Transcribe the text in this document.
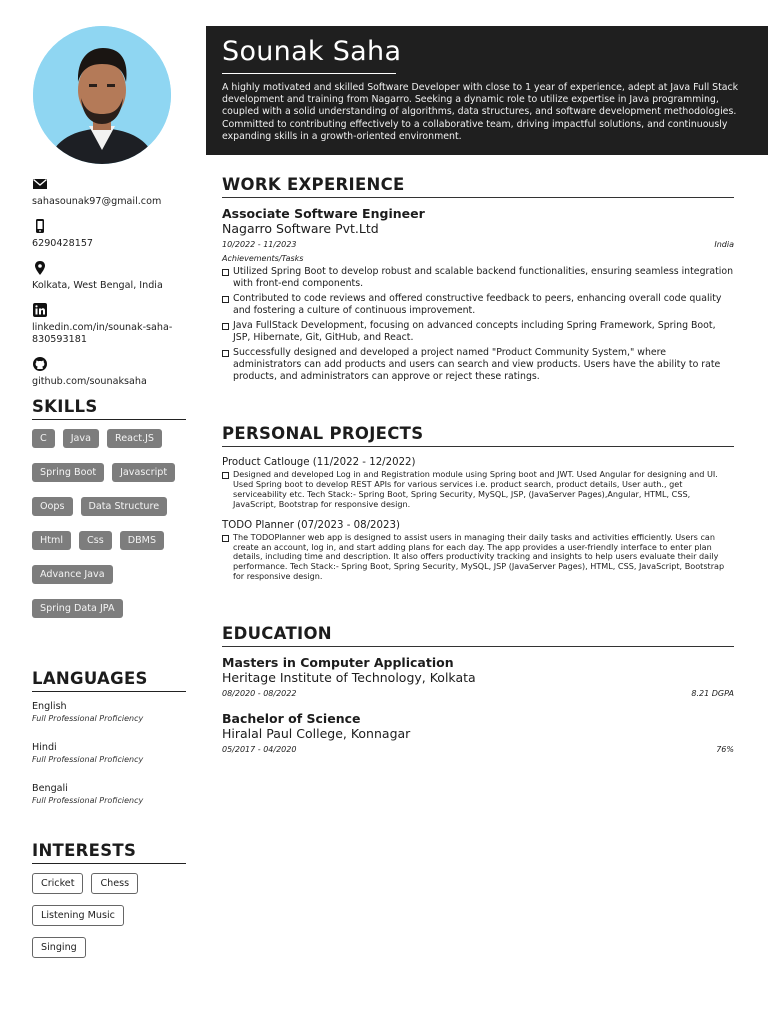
sahasounak97@gmail.com
6290428157
Kolkata, West Bengal, India
linkedin.com/in/sounak-saha-830593181
github.com/sounaksaha
SKILLS
C	Java	React.JS
Spring Boot	Javascript
Oops	Data Structure
Html	Css	DBMS
Advance Java
Spring Data JPA
LANGUAGES
English
Full Professional Proficiency
Hindi
Full Professional Proficiency
Bengali
Full Professional Proficiency
INTERESTS
Cricket	Chess
Listening Music
Singing
Sounak Saha
A highly motivated and skilled Software Developer with close to 1 year of experience, adept at Java Full Stack development and training from Nagarro. Seeking a dynamic role to utilize expertise in Java programming, coupled with a solid understanding of algorithms, data structures, and software development methodologies. Committed to contributing effectively to a collaborative team, driving impactful solutions, and continuously expanding skills in a growth-oriented environment.
WORK EXPERIENCE
Associate Software Engineer
Nagarro Software Pvt.Ltd
10/2022 - 11/2023	India
Achievements/Tasks
Utilized Spring Boot to develop robust and scalable backend functionalities, ensuring seamless integration with front-end components.
Contributed to code reviews and offered constructive feedback to peers, enhancing overall code quality and fostering a culture of continuous improvement.
Java FullStack Development, focusing on advanced concepts including Spring Framework, Spring Boot, JSP, Hibernate, Git, GitHub, and React.
Successfully designed and developed a project named "Product Community System," where administrators can add products and users can search and view products. Users have the ability to rate products, and administrators can approve or reject these ratings.
PERSONAL PROJECTS
Product Catlouge (11/2022 - 12/2022)
Designed and developed Log in and Registration module using Spring boot and JWT. Used Angular for designing and UI. Used Spring boot to develop REST APIs for various services i.e. product search, product details, User auth., get serviceability etc. Tech Stack:- Spring Boot, Spring Security, MySQL, JSP, (JavaServer Pages),Angular, HTML, CSS, JavaScript, Bootstrap for responsive design.
TODO Planner (07/2023 - 08/2023)
The TODOPlanner web app is designed to assist users in managing their daily tasks and activities efficiently. Users can create an account, log in, and start adding plans for each day. The app provides a user-friendly interface to enter plan details, including time and description. It also offers productivity tracking and insights to help users evaluate their daily performance. Tech Stack:- Spring Boot, Spring Security, MySQL, JSP (JavaServer Pages), HTML, CSS, JavaScript, Bootstrap for responsive design.
EDUCATION
Masters in Computer Application
Heritage Institute of Technology, Kolkata
08/2020 - 08/2022	8.21 DGPA
Bachelor of Science
Hiralal Paul College, Konnagar
05/2017 - 04/2020	76%
